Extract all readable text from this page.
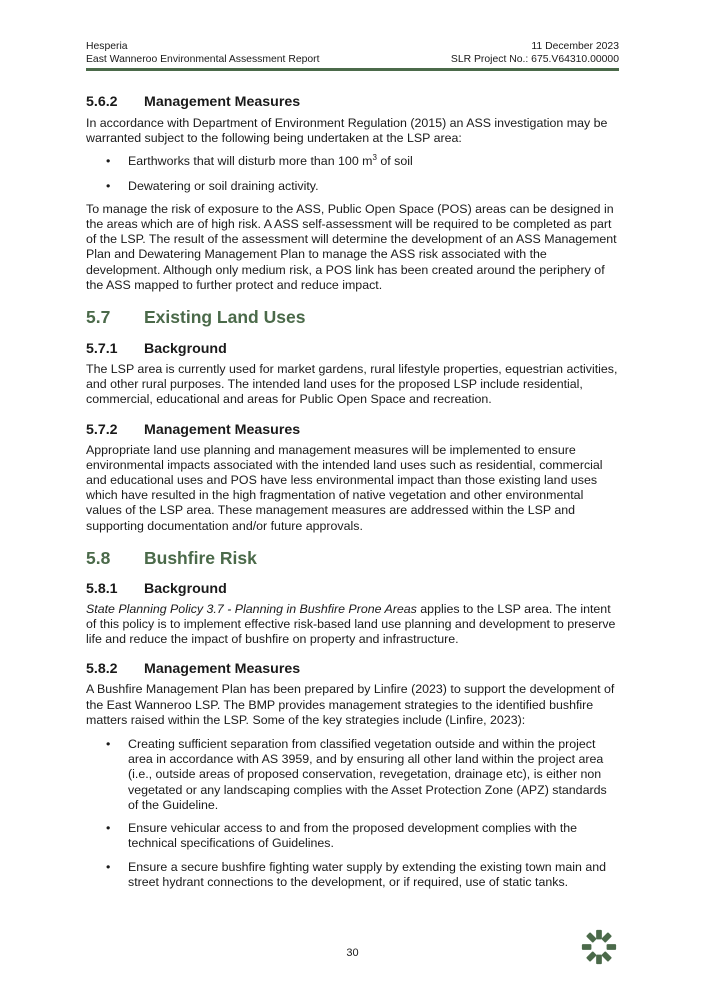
Hesperia	11 December 2023
East Wanneroo Environmental Assessment Report	SLR Project No.: 675.V64310.00000
5.6.2	Management Measures

In accordance with Department of Environment Regulation (2015) an ASS investigation may be warranted subject to the following being undertaken at the LSP area:

• Earthworks that will disturb more than 100 $m^3$ of soil
• Dewatering or soil draining activity.

To manage the risk of exposure to the ASS, Public Open Space (POS) areas can be designed in the areas which are of high risk. A ASS self-assessment will be required to be completed as part of the LSP. The result of the assessment will determine the development of an ASS Management Plan and Dewatering Management Plan to manage the ASS risk associated with the development. Although only medium risk, a POS link has been created around the periphery of the ASS mapped to further protect and reduce impact.

5.7	Existing Land Uses
5.7.1	Background

The LSP area is currently used for market gardens, rural lifestyle properties, equestrian activities, and other rural purposes. The intended land uses for the proposed LSP include residential, commercial, educational and areas for Public Open Space and recreation.

5.7.2	Management Measures

Appropriate land use planning and management measures will be implemented to ensure environmental impacts associated with the intended land uses such as residential, commercial and educational uses and POS have less environmental impact than those existing land uses which have resulted in the high fragmentation of native vegetation and other environmental values of the LSP area. These management measures are addressed within the LSP and supporting documentation and/or future approvals.

5.8	Bushfire Risk
5.8.1	Background

State Planning Policy 3.7 - Planning in Bushfire Prone Areas applies to the LSP area. The intent of this policy is to implement effective risk-based land use planning and development to preserve life and reduce the impact of bushfire on property and infrastructure.

5.8.2	Management Measures

A Bushfire Management Plan has been prepared by Linfire (2023) to support the development of the East Wanneroo LSP. The BMP provides management strategies to the identified bushfire matters raised within the LSP. Some of the key strategies include (Linfire, 2023):

• Creating sufficient separation from classified vegetation outside and within the project area in accordance with AS 3959, and by ensuring all other land within the project area (i.e., outside areas of proposed conservation, revegetation, drainage etc), is either non vegetated or any landscaping complies with the Asset Protection Zone (APZ) standards of the Guideline.
• Ensure vehicular access to and from the proposed development complies with the technical specifications of Guidelines.
• Ensure a secure bushfire fighting water supply by extending the existing town main and street hydrant connections to the development, or if required, use of static tanks.
30
